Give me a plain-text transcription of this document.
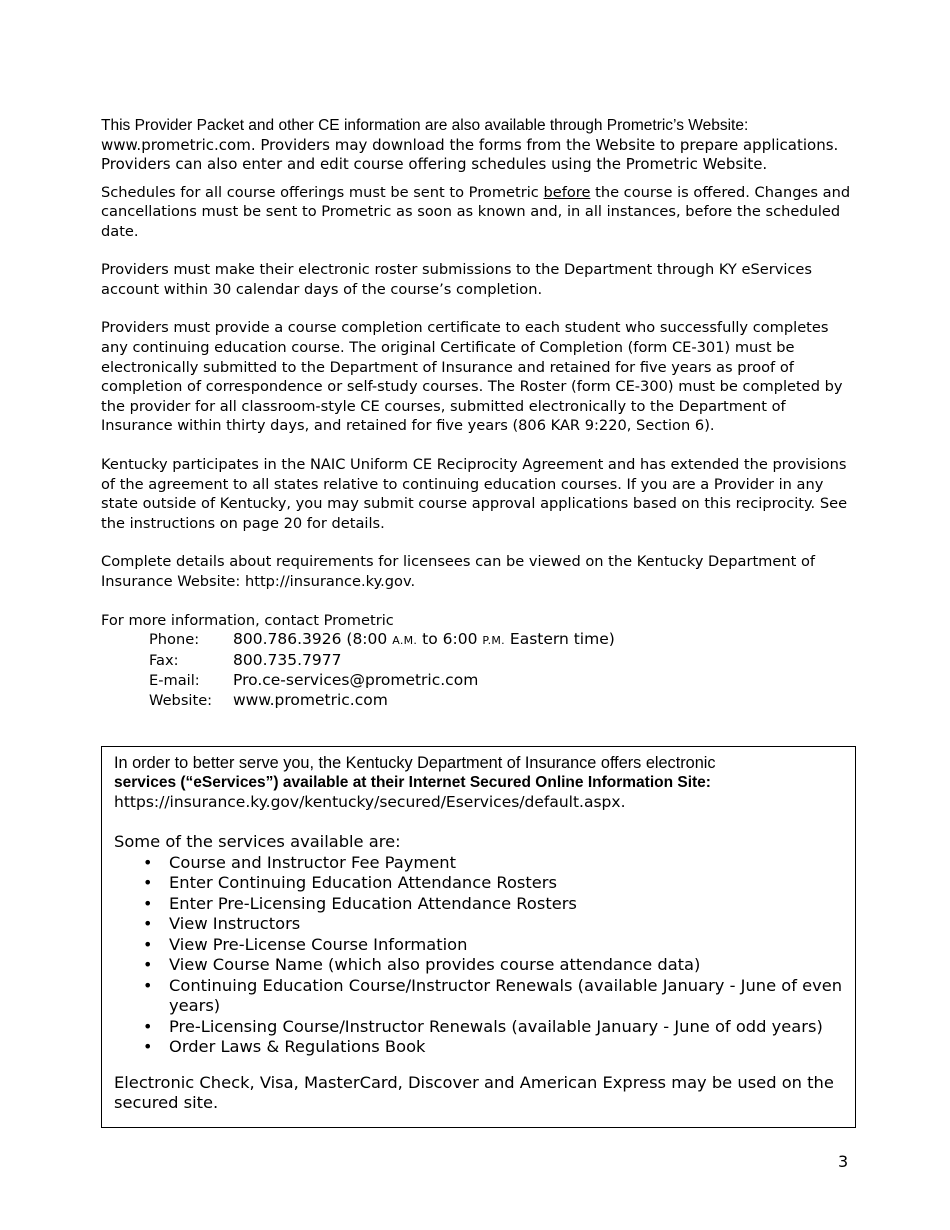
This Provider Packet and other CE information are also available through Prometric’s Website: www.prometric.com. Providers may download the forms from the Website to prepare applications. Providers can also enter and edit course offering schedules using the Prometric Website.

Schedules for all course offerings must be sent to Prometric before the course is offered. Changes and cancellations must be sent to Prometric as soon as known and, in all instances, before the scheduled date.

Providers must make their electronic roster submissions to the Department through KY eServices account within 30 calendar days of the course’s completion.

Providers must provide a course completion certificate to each student who successfully completes any continuing education course. The original Certificate of Completion (form CE-301) must be electronically submitted to the Department of Insurance and retained for five years as proof of completion of correspondence or self-study courses. The Roster (form CE-300) must be completed by the provider for all classroom-style CE courses, submitted electronically to the Department of Insurance within thirty days, and retained for five years (806 KAR 9:220, Section 6).

Kentucky participates in the NAIC Uniform CE Reciprocity Agreement and has extended the provisions of the agreement to all states relative to continuing education courses. If you are a Provider in any state outside of Kentucky, you may submit course approval applications based on this reciprocity. See the instructions on page 20 for details.

Complete details about requirements for licensees can be viewed on the Kentucky Department of Insurance Website: http://insurance.ky.gov.

For more information, contact Prometric

Phone:	800.786.3926 (8:00 A.M. to 6:00 P.M. Eastern time)
Fax:	800.735.7977
E-mail:	Pro.ce-services@prometric.com
Website:	www.prometric.com

In order to better serve you, the Kentucky Department of Insurance offers electronic

services (“eServices”) available at their Internet Secured Online Information Site:

https://insurance.ky.gov/kentucky/secured/Eservices/default.aspx.

Some of the services available are:

• Course and Instructor Fee Payment
• Enter Continuing Education Attendance Rosters
• Enter Pre-Licensing Education Attendance Rosters
• View Instructors
• View Pre-License Course Information
• View Course Name (which also provides course attendance data)
• Continuing Education Course/Instructor Renewals (available January - June of even years)
• Pre-Licensing Course/Instructor Renewals (available January - June of odd years)
• Order Laws & Regulations Book

Electronic Check, Visa, MasterCard, Discover and American Express may be used on the secured site.

3
